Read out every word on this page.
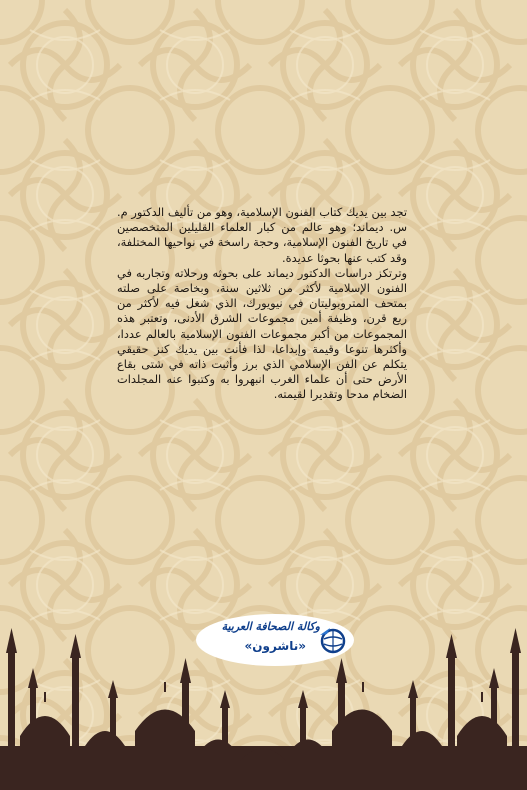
تجد بين يديك كتاب الفنون الإسلامية، وهو من تأليف الدكتور م. س. ديماند؛ وهو عالم من كبار العلماء القليلين المتخصصين في تاريخ الفنون الإسلامية، وحجة راسخة في نواحيها المختلفة، وقد كتب عنها بحوثا عديدة.

وترتكز دراسات الدكتور ديماند على بحوثه ورحلاته وتجاربه في الفنون الإسلامية لأكثر من ثلاثين سنة، وبخاصة على صلته بمتحف المتروبوليتان في نيويورك، الذي شغل فيه لأكثر من ربع قرن، وظيفة أمين مجموعات الشرق الأدنى، وتعتبر هذه المجموعات من أكبر مجموعات الفنون الإسلامية بالعالم عددا، وأكثرها تنوعا وقيمة وإبداعا، لذا فأنت بين يديك كنز حقيقي يتكلم عن الفن الإسلامي الذي برز وأثبت ذاته في شتى بقاع الأرض حتى أن علماء الغرب انبهروا به وكتبوا عنه المجلدات الضخام مدحا وتقديرا لقيمته.

وكالة الصحافة العربية
«ناشرون»
